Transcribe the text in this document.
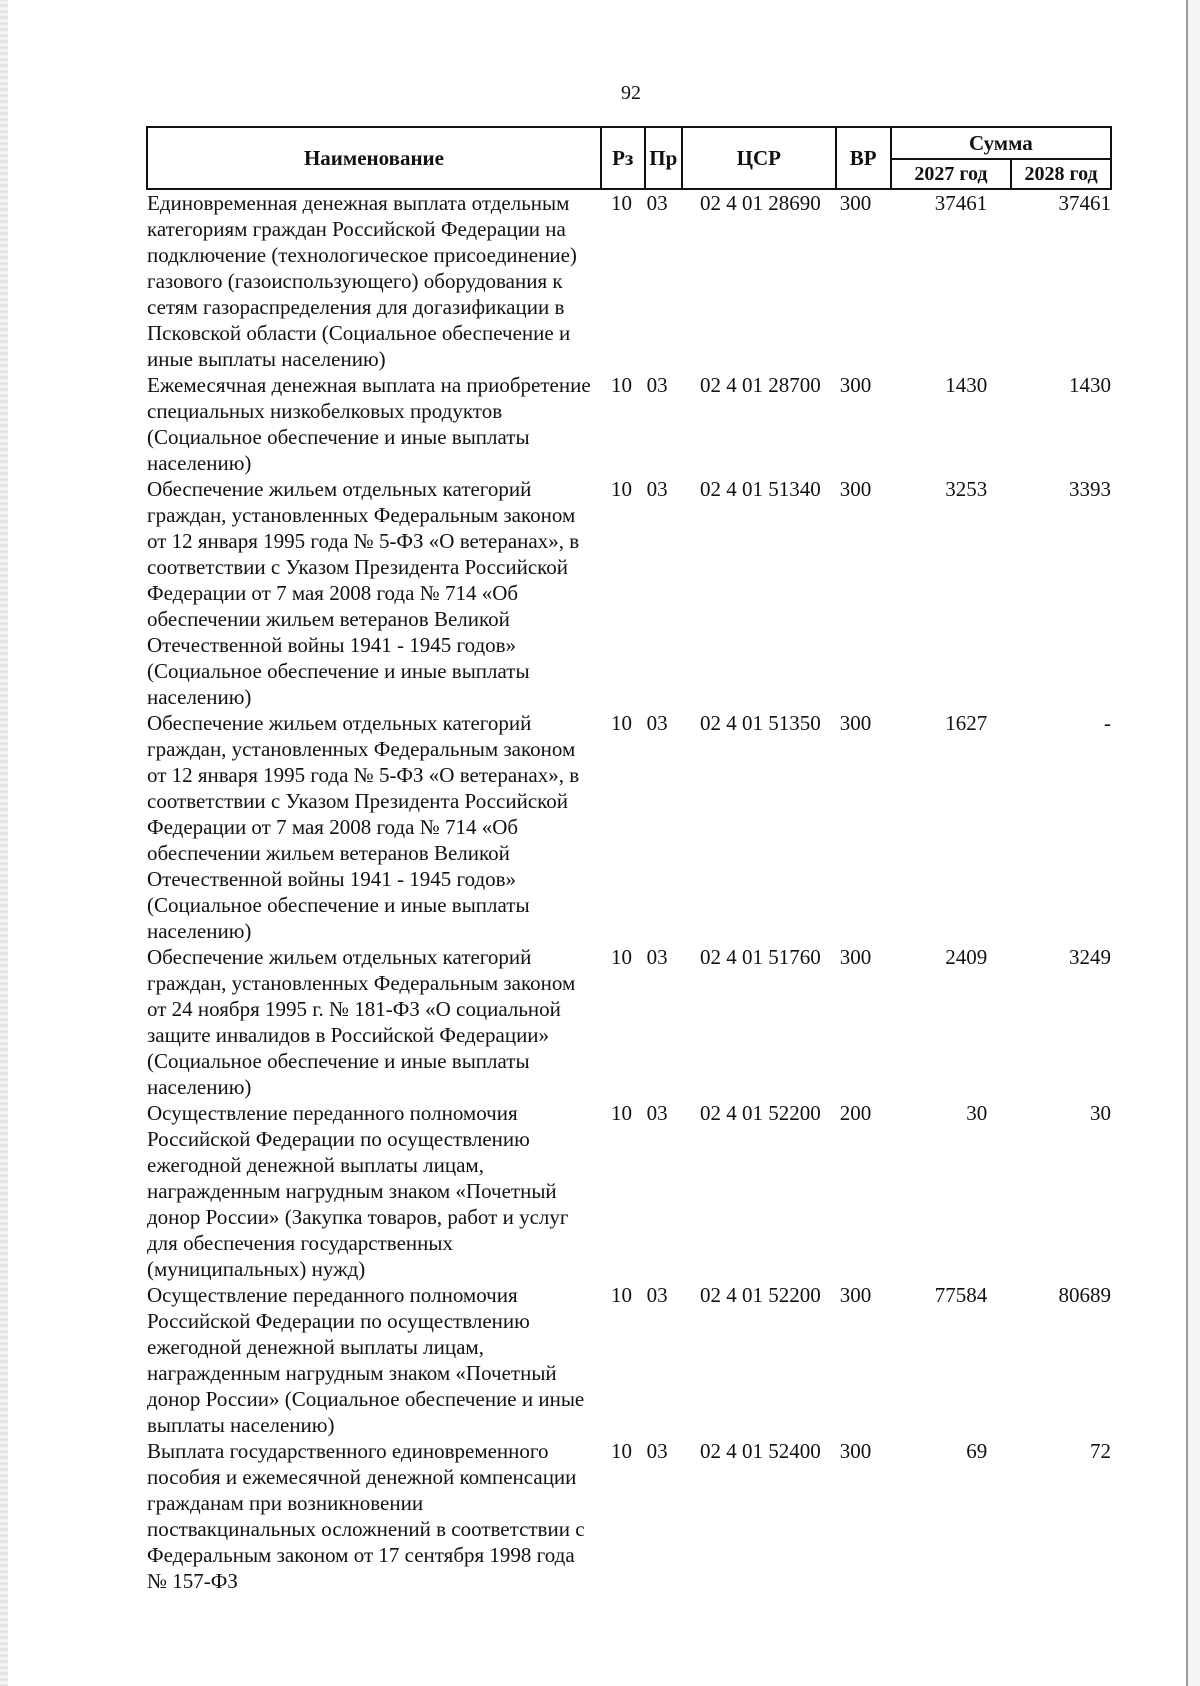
92
Наименование	Рз	Пр	ЦСР	ВР	Сумма	
					2027 год	2028 год
Единовременная денежная выплата отдельным категориям граждан Российской Федерации на подключение (технологическое присоединение) газового (газоиспользующего) оборудования к сетям газораспределения для догазификации в Псковской области (Социальное обеспечение и иные выплаты населению)	10	03	02 4 01 28690	300	37461	37461
Ежемесячная денежная выплата на приобретение специальных низкобелковых продуктов (Социальное обеспечение и иные выплаты населению)	10	03	02 4 01 28700	300	1430	1430
Обеспечение жильем отдельных категорий граждан, установленных Федеральным законом от 12 января 1995 года № 5-ФЗ «О ветеранах», в соответствии с Указом Президента Российской Федерации от 7 мая 2008 года № 714 «Об обеспечении жильем ветеранов Великой Отечественной войны 1941 - 1945 годов» (Социальное обеспечение и иные выплаты населению)	10	03	02 4 01 51340	300	3253	3393
Обеспечение жильем отдельных категорий граждан, установленных Федеральным законом от 12 января 1995 года № 5-ФЗ «О ветеранах», в соответствии с Указом Президента Российской Федерации от 7 мая 2008 года № 714 «Об обеспечении жильем ветеранов Великой Отечественной войны 1941 - 1945 годов» (Социальное обеспечение и иные выплаты населению)	10	03	02 4 01 51350	300	1627	-
Обеспечение жильем отдельных категорий граждан, установленных Федеральным законом от 24 ноября 1995 г. № 181-ФЗ «О социальной защите инвалидов в Российской Федерации» (Социальное обеспечение и иные выплаты населению)	10	03	02 4 01 51760	300	2409	3249
Осуществление переданного полномочия Российской Федерации по осуществлению ежегодной денежной выплаты лицам, награжденным нагрудным знаком «Почетный донор России» (Закупка товаров, работ и услуг для обеспечения государственных (муниципальных) нужд)	10	03	02 4 01 52200	200	30	30
Осуществление переданного полномочия Российской Федерации по осуществлению ежегодной денежной выплаты лицам, награжденным нагрудным знаком «Почетный донор России» (Социальное обеспечение и иные выплаты населению)	10	03	02 4 01 52200	300	77584	80689
Выплата государственного единовременного пособия и ежемесячной денежной компенсации гражданам при возникновении поствакцинальных осложнений в соответствии с Федеральным законом от 17 сентября 1998 года № 157-ФЗ	10	03	02 4 01 52400	300	69	72
